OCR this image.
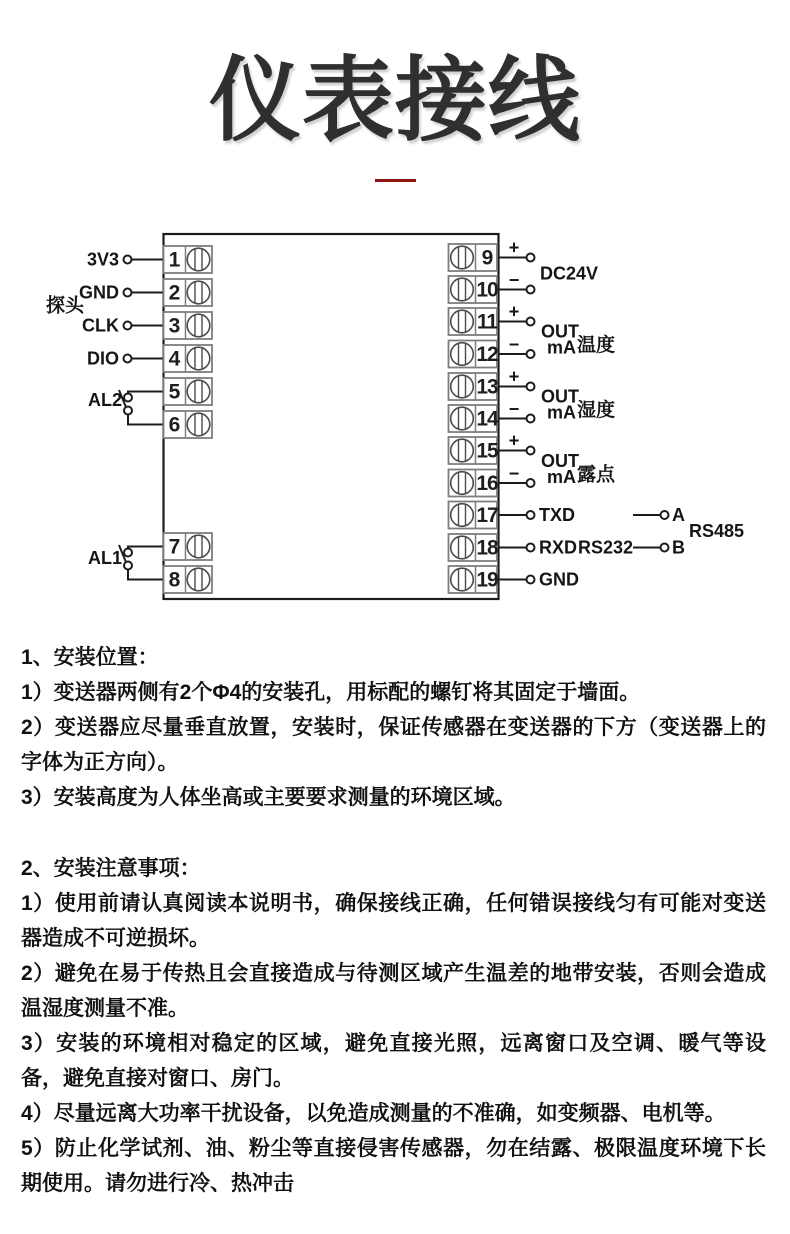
仪表接线
探头
3V3
GND
CLK
DIO
AL2
AL1
1
2
3
4
5
6
7
8
9
10
11
12
13
14
15
16
17
18
19
+
− DC24V
+
−
OUT
mA 温度
+
−
OUT
mA 湿度
+
−
OUT
mA 露点
TXD
RXD RS232
GND
A
B
RS485

1、安装位置：

1）变送器两侧有2个Φ4的安装孔，用标配的螺钉将其固定于墙面。

2）变送器应尽量垂直放置，安装时，保证传感器在变送器的下方（变送器上的字体为正方向）。

3）安装高度为人体坐高或主要要求测量的环境区域。

2、安装注意事项：

1）使用前请认真阅读本说明书，确保接线正确，任何错误接线匀有可能对变送器造成不可逆损坏。

2）避免在易于传热且会直接造成与待测区域产生温差的地带安装，否则会造成温湿度测量不准。

3）安装的环境相对稳定的区域，避免直接光照，远离窗口及空调、暖气等设备，避免直接对窗口、房门。

4）尽量远离大功率干扰设备，以免造成测量的不准确，如变频器、电机等。

5）防止化学试剂、油、粉尘等直接侵害传感器，勿在结露、极限温度环境下长期使用。请勿进行冷、热冲击
